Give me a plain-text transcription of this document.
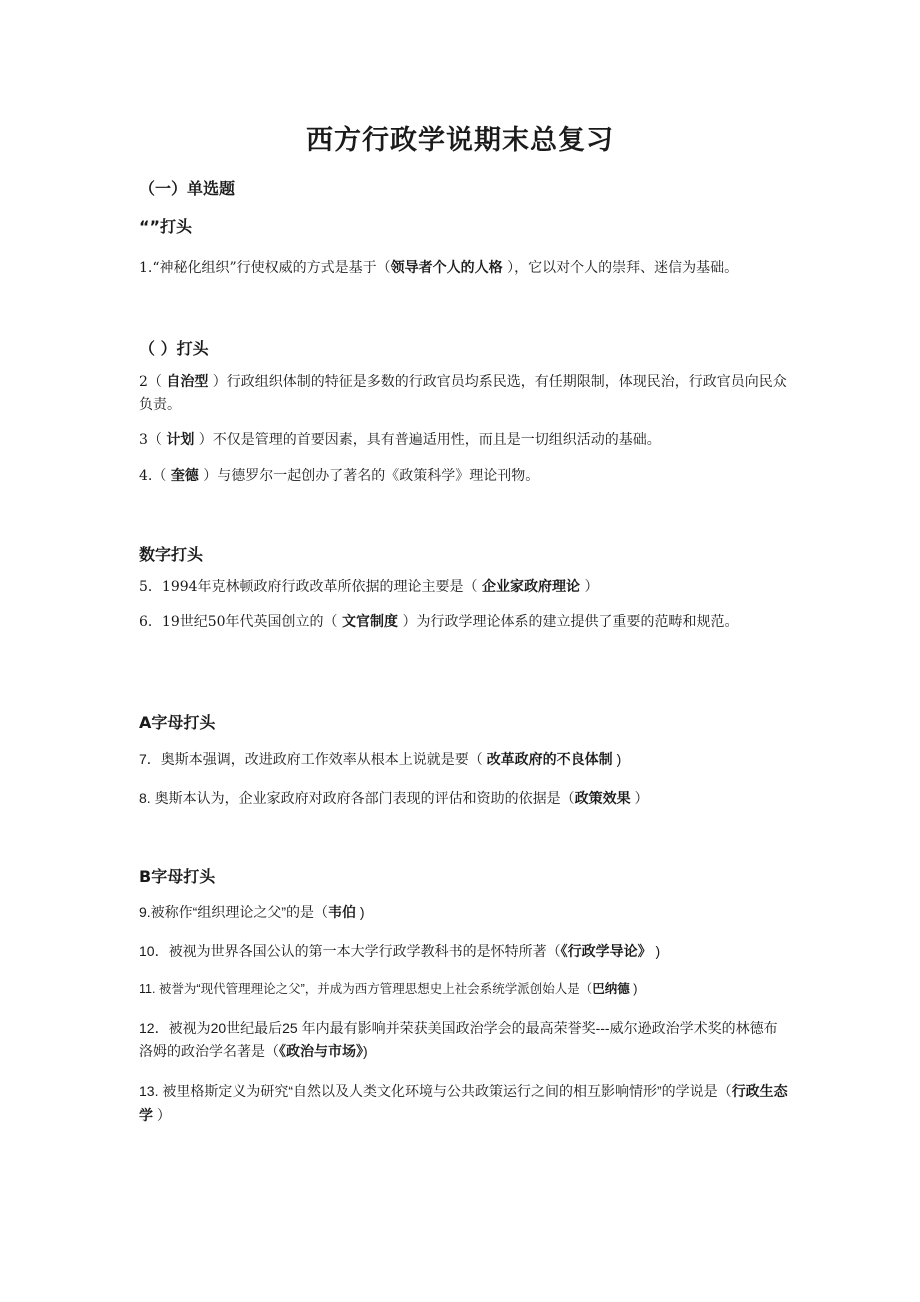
西方行政学说期末总复习
（一）单选题
“”打头

1.“神秘化组织”行使权威的方式是基于（领导者个人的人格 ），它以对个人的崇拜、迷信为基础。

（ ）打头

2（ 自治型 ）行政组织体制的特征是多数的行政官员均系民选，有任期限制，体现民治，行政官员向民众负责。

3（ 计划 ）不仅是管理的首要因素，具有普遍适用性，而且是一切组织活动的基础。

4.（ 奎德 ）与德罗尔一起创办了著名的《政策科学》理论刊物。

数字打头

5．1994年克林顿政府行政改革所依据的理论主要是（ 企业家政府理论 ）

6．19世纪50年代英国创立的（ 文官制度 ）为行政学理论体系的建立提供了重要的范畴和规范。

A字母打头

7．奥斯本强调，改进政府工作效率从根本上说就是要（ 改革政府的不良体制 )

8. 奥斯本认为，企业家政府对政府各部门表现的评估和资助的依据是（政策效果 ）

B字母打头

9.被称作“组织理论之父”的是（韦伯 )

10．被视为世界各国公认的第一本大学行政学教科书的是怀特所著（《行政学导论》 )

11. 被誉为“现代管理理论之父”，并成为西方管理思想史上社会系统学派创始人是（巴纳德 )

12．被视为20世纪最后25 年内最有影响并荣获美国政治学会的最高荣誉奖---威尔逊政治学术奖的林德布洛姆的政治学名著是（《政治与市场》)

13. 被里格斯定义为研究“自然以及人类文化环境与公共政策运行之间的相互影响情形”的学说是（行政生态学 ）
